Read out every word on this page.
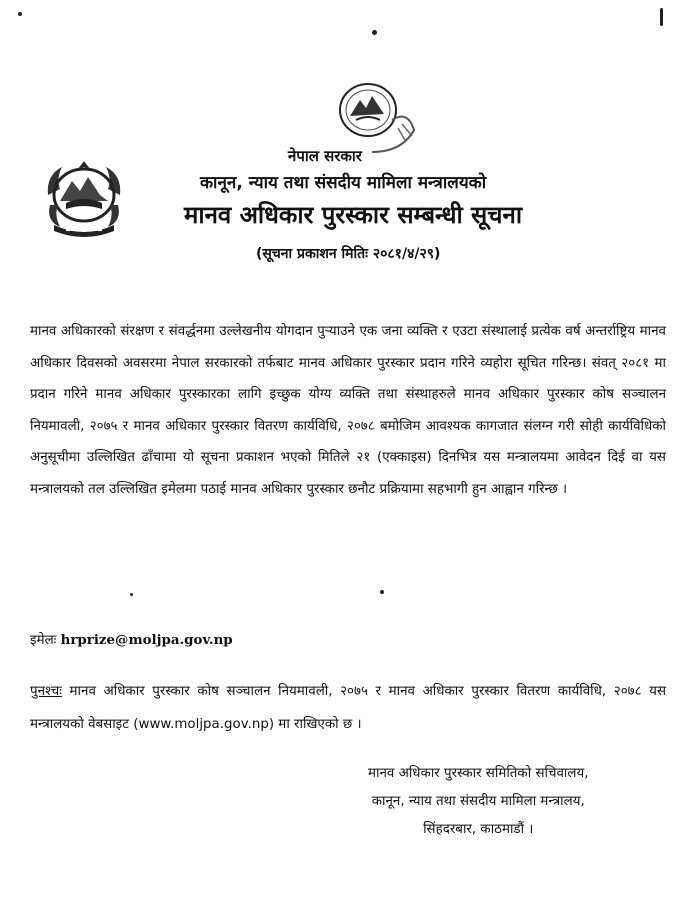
नेपाल सरकार
कानून, न्याय तथा संसदीय मामिला मन्त्रालयको
मानव अधिकार पुरस्कार सम्बन्धी सूचना
(सूचना प्रकाशन मितिः २०८१/४/२९)
मानव अधिकारको संरक्षण र संवर्द्धनमा उल्लेखनीय योगदान पुऱ्याउने एक जना व्यक्ति र एउटा संस्थालाई प्रत्येक वर्ष अन्तर्राष्ट्रिय मानव अधिकार दिवसको अवसरमा नेपाल सरकारको तर्फबाट मानव अधिकार पुरस्कार प्रदान गरिने व्यहोरा सूचित गरिन्छ। संवत् २०८१ मा प्रदान गरिने मानव अधिकार पुरस्कारका लागि इच्छुक योग्य व्यक्ति तथा संस्थाहरुले मानव अधिकार पुरस्कार कोष सञ्चालन नियमावली, २०७५ र मानव अधिकार पुरस्कार वितरण कार्यविधि, २०७८ बमोजिम आवश्यक कागजात संलग्न गरी सोही कार्यविधिको अनुसूचीमा उल्लिखित ढाँचामा यो सूचना प्रकाशन भएको मितिले २१ (एक्काइस) दिनभित्र यस मन्त्रालयमा आवेदन दिई वा यस मन्त्रालयको तल उल्लिखित इमेलमा पठाई मानव अधिकार पुरस्कार छनौट प्रक्रियामा सहभागी हुन आह्वान गरिन्छ ।
इमेलः hrprize@moljpa.gov.np
पुनश्चः मानव अधिकार पुरस्कार कोष सञ्चालन नियमावली, २०७५ र मानव अधिकार पुरस्कार वितरण कार्यविधि, २०७८ यस मन्त्रालयको वेबसाइट (www.moljpa.gov.np) मा राखिएको छ ।
मानव अधिकार पुरस्कार समितिको सचिवालय,
कानून, न्याय तथा संसदीय मामिला मन्त्रालय,
सिंहदरबार, काठमाडौं ।
